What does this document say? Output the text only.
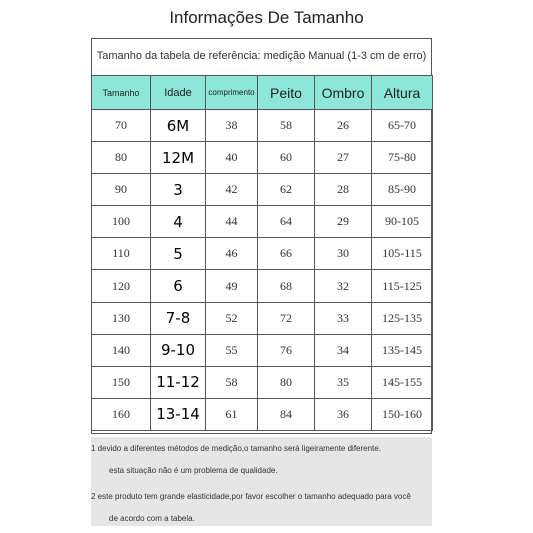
Informações De Tamanho
Tamanho da tabela de referência: medição Manual (1-3 cm de erro)
Tamanho	Idade	comprimento	Peito	Ombro	Altura
70	6M	38	58	26	65-70
80	12M	40	60	27	75-80
90	3	42	62	28	85-90
100	4	44	64	29	90-105
110	5	46	66	30	105-115
120	6	49	68	32	115-125
130	7-8	52	72	33	125-135
140	9-10	55	76	34	135-145
150	11-12	58	80	35	145-155
160	13-14	61	84	36	150-160
1 devido a diferentes métodos de medição,o tamanho será ligeiramente diferente.
esta situação não é um problema de qualidade.
2 este produto tem grande elasticidade,por favor escolher o tamanho adequado para você
de acordo com a tabela.
